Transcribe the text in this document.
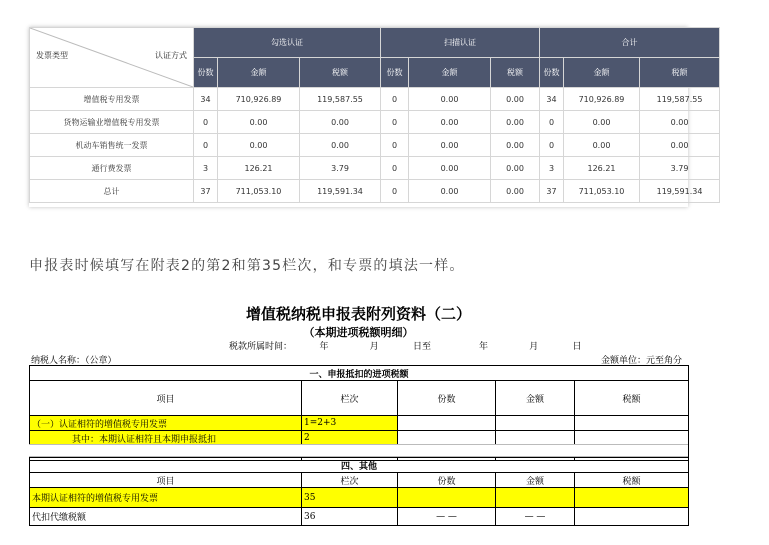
认证方式
发票类型	勾选认证			扫描认证			合计		
	份数	金额	税额	份数	金额	税额	份数	金额	税额
增值税专用发票	34	710,926.89	119,587.55	0	0.00	0.00	34	710,926.89	119,587.55
货物运输业增值税专用发票	0	0.00	0.00	0	0.00	0.00	0	0.00	0.00
机动车销售统一发票	0	0.00	0.00	0	0.00	0.00	0	0.00	0.00
通行费发票	3	126.21	3.79	0	0.00	0.00	3	126.21	3.79
总计	37	711,053.10	119,591.34	0	0.00	0.00	37	711,053.10	119,591.34
申报表时候填写在附表2的第2和第35栏次，和专票的填法一样。
增值税纳税申报表附列资料（二）
（本期进项税额明细）
税款所属时间：	年	月	日至	年	月	日
纳税人名称：（公章）	金额单位：元至角分
一、申报抵扣的进项税额				
项目	栏次	份数	金额	税额
（一）认证相符的增值税专用发票	1=2+3			
其中：本期认证相符且本期申报抵扣	2			

四、其他				
项目	栏次	份数	金额	税额
本期认证相符的增值税专用发票	35			
代扣代缴税额	36	— —	— —	
